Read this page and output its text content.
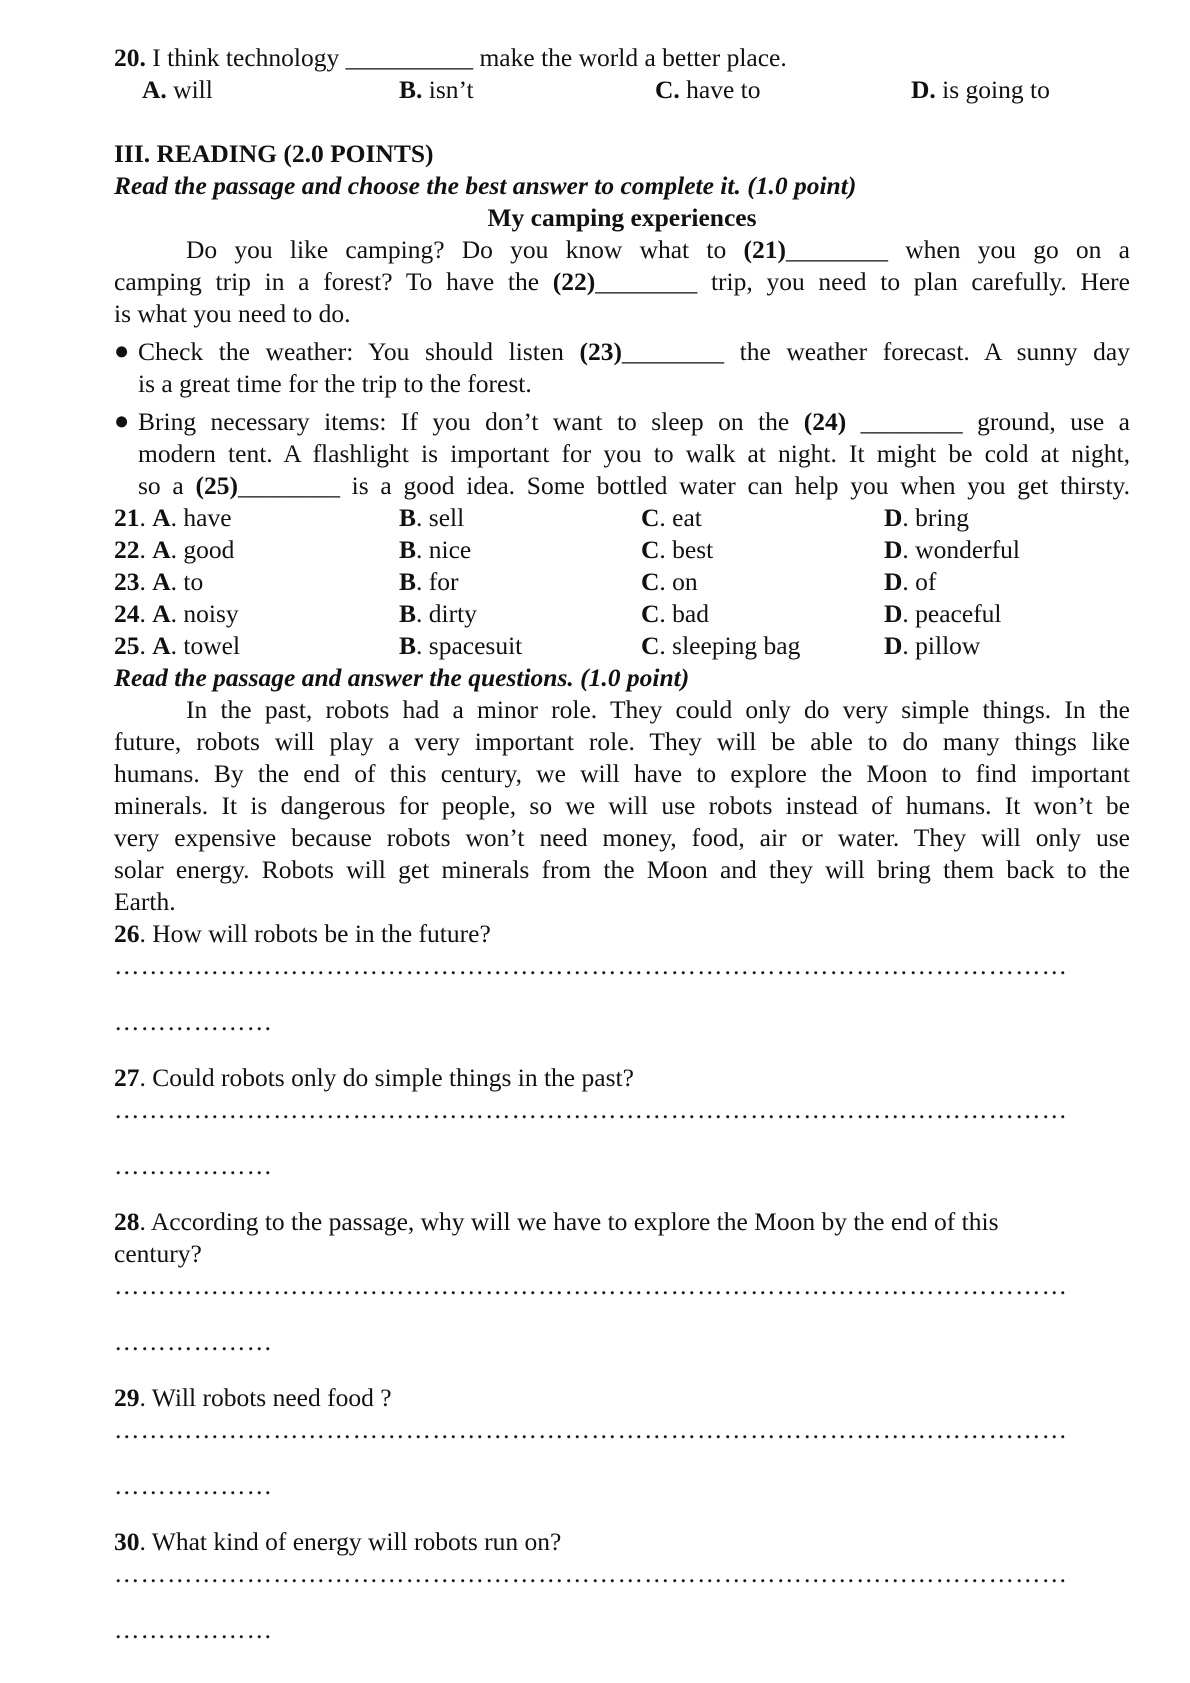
20. I think technology __________ make the world a better place.
A. will	B. isn’t	C. have to	D. is going to
III. READING (2.0 POINTS)
Read the passage and choose the best answer to complete it. (1.0 point)
My camping experiences
Do you like camping? Do you know what to (21)________ when you go on a
camping trip in a forest? To have the (22)________ trip, you need to plan carefully. Here
is what you need to do.
● Check the weather: You should listen (23)________ the weather forecast. A sunny day
is a great time for the trip to the forest.
● Bring necessary items: If you don’t want to sleep on the (24) ________ ground, use a
modern tent. A flashlight is important for you to walk at night. It might be cold at night,
so a (25)________ is a good idea. Some bottled water can help you when you get thirsty.
21. A. have	B. sell	C. eat	D. bring
22. A. good	B. nice	C. best	D. wonderful
23. A. to	B. for	C. on	D. of
24. A. noisy	B. dirty	C. bad	D. peaceful
25. A. towel	B. spacesuit	C. sleeping bag	D. pillow
Read the passage and answer the questions. (1.0 point)
In the past, robots had a minor role. They could only do very simple things. In the
future, robots will play a very important role. They will be able to do many things like
humans. By the end of this century, we will have to explore the Moon to find important
minerals. It is dangerous for people, so we will use robots instead of humans. It won’t be
very expensive because robots won’t need money, food, air or water. They will only use
solar energy. Robots will get minerals from the Moon and they will bring them back to the
Earth.
26. How will robots be in the future?
………………………………………………………………………………………………
………………
27. Could robots only do simple things in the past?
………………………………………………………………………………………………
………………
28. According to the passage, why will we have to explore the Moon by the end of this
century?
………………………………………………………………………………………………
………………
29. Will robots need food ?
………………………………………………………………………………………………
………………
30. What kind of energy will robots run on?
………………………………………………………………………………………………
………………
